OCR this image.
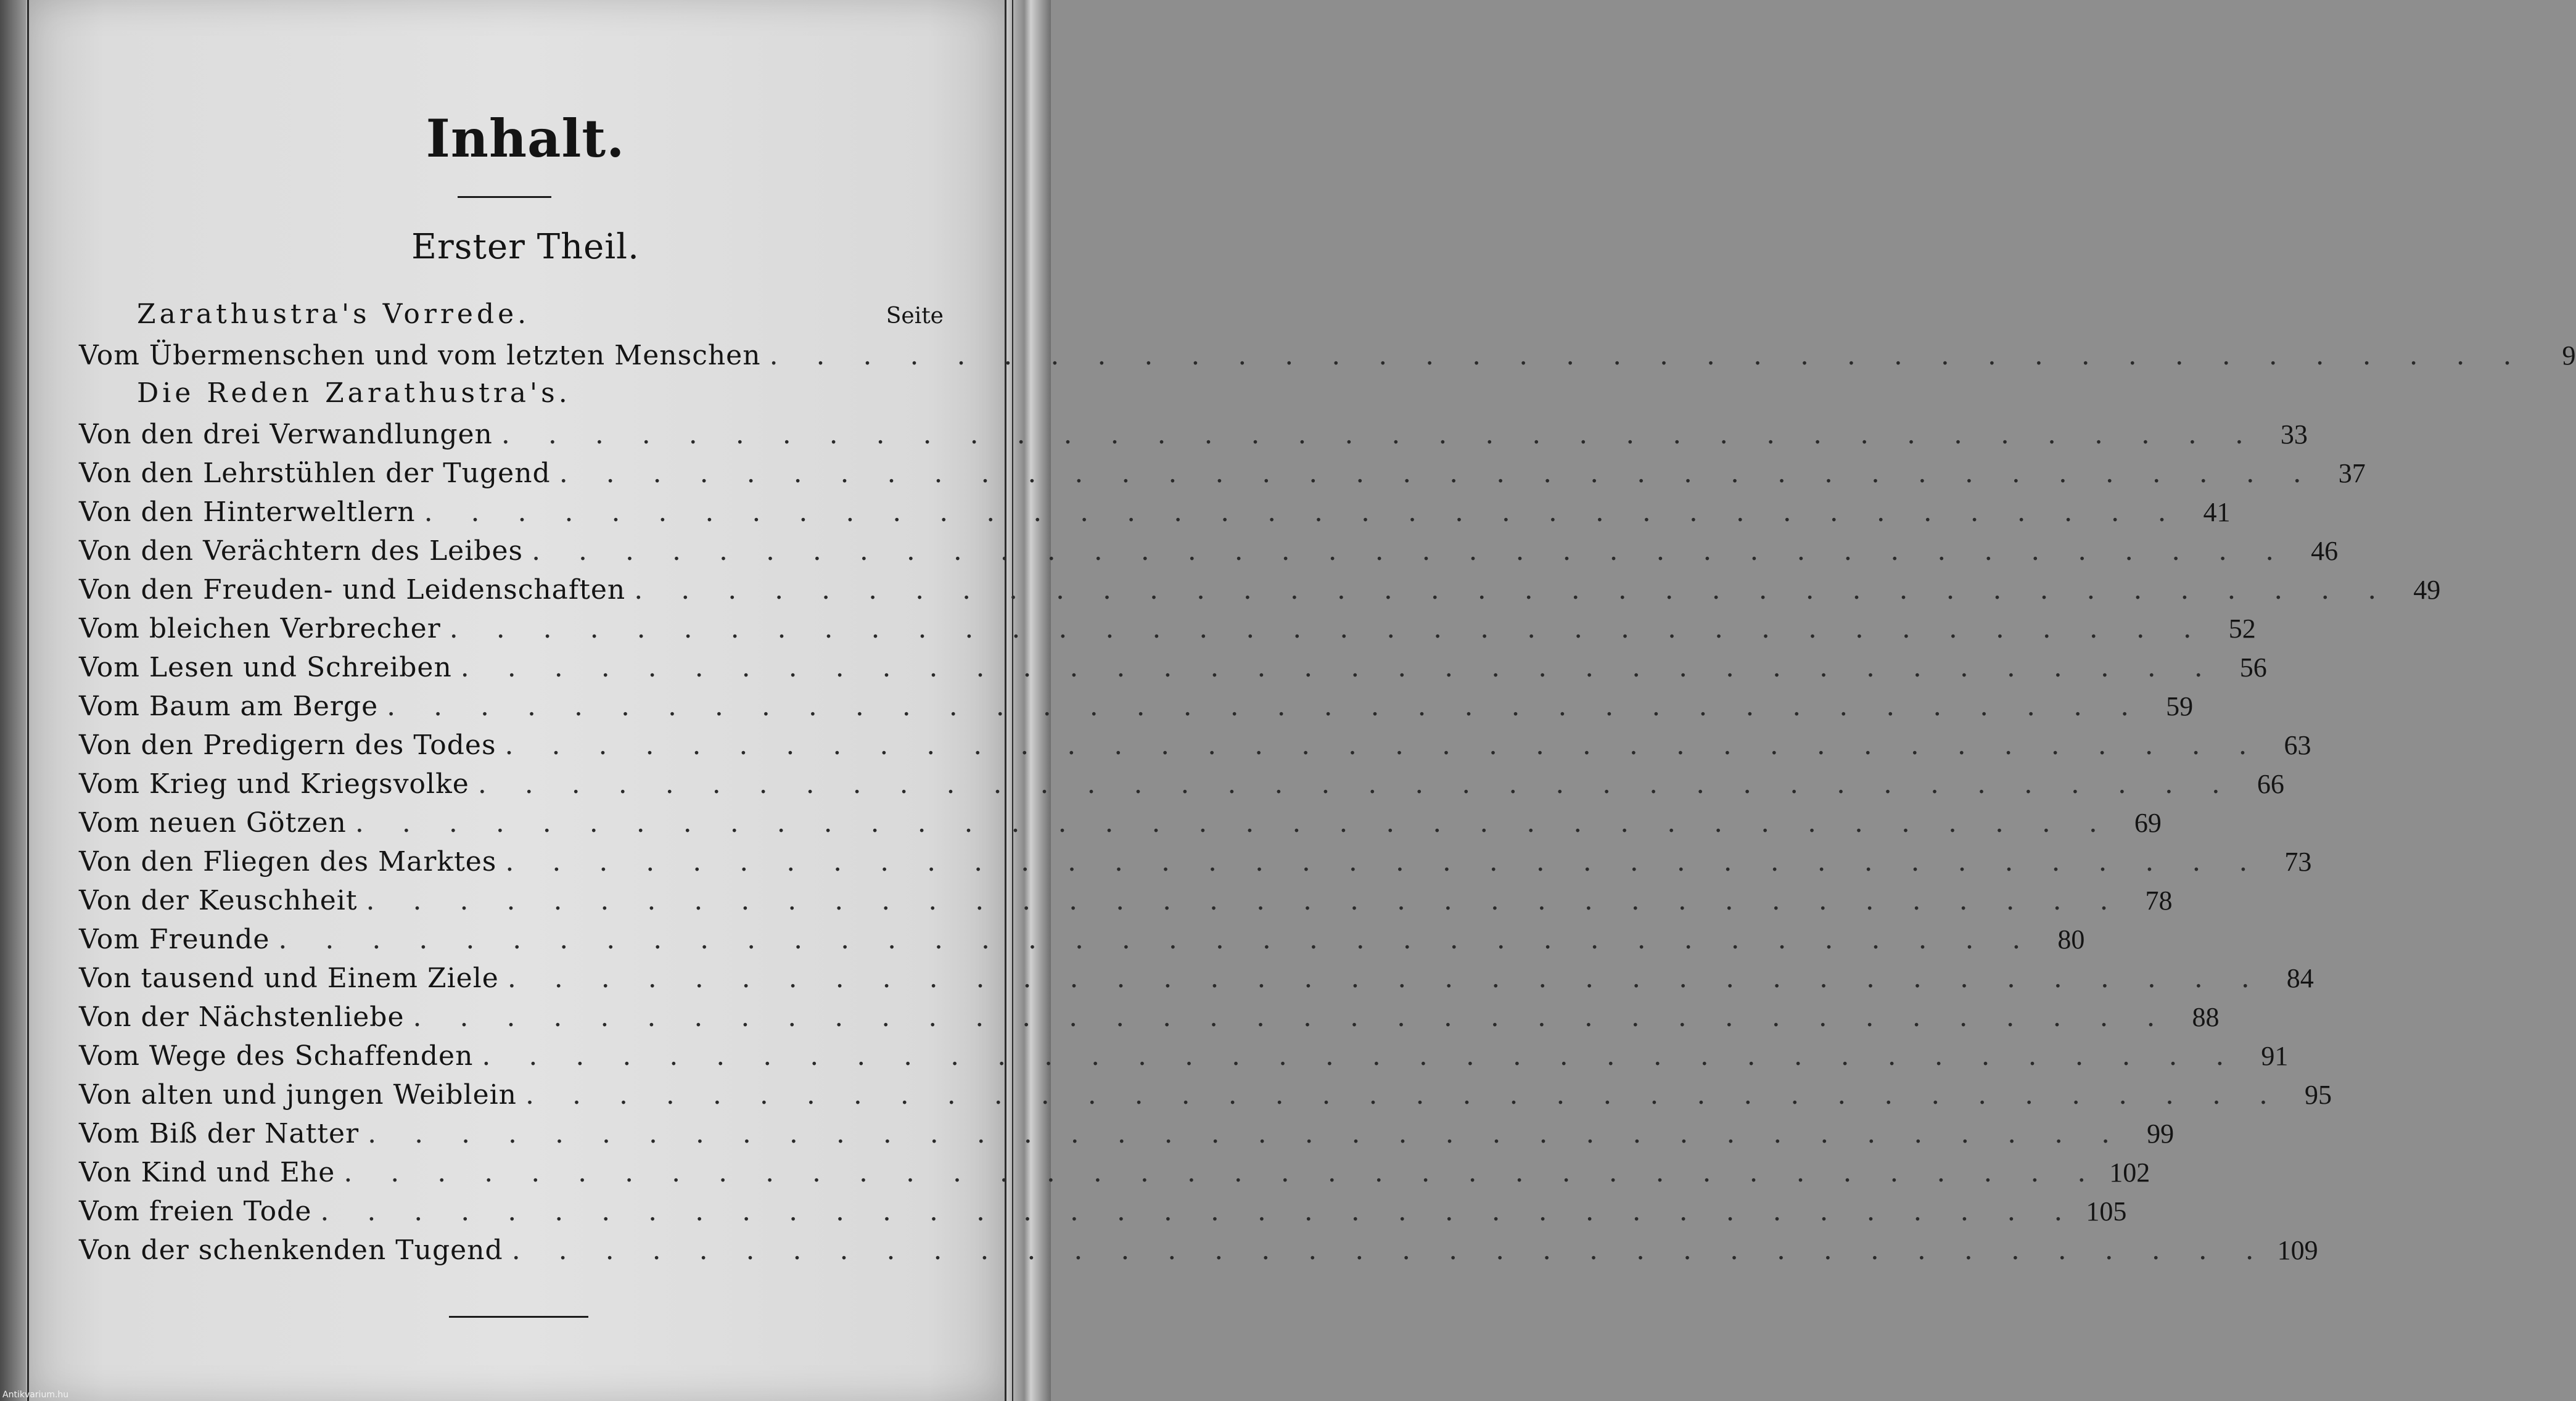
Inhalt.
Erster Theil.
Zarathustra's Vorrede.	Seite
Vom Übermenschen und vom letzten Menschen . . . . . . . . . . . . . . . . . . . . . . . . . . . . . . . . . . . . . .	9
Die Reden Zarathustra's.
Von den drei Verwandlungen . . . . . . . . . . . . . . . . . . . . . . . . . . . . . . . . . . . . . . 33
Von den Lehrstühlen der Tugend . . . . . . . . . . . . . . . . . . . . . . . . . . . . . . . . . . . . . . 37
Von den Hinterweltlern . . . . . . . . . . . . . . . . . . . . . . . . . . . . . . . . . . . . . . 41
Von den Verächtern des Leibes . . . . . . . . . . . . . . . . . . . . . . . . . . . . . . . . . . . . . . 46
Von den Freuden- und Leidenschaften . . . . . . . . . . . . . . . . . . . . . . . . . . . . . . . . . . . . . . 49
Vom bleichen Verbrecher . . . . . . . . . . . . . . . . . . . . . . . . . . . . . . . . . . . . . . 52
Vom Lesen und Schreiben . . . . . . . . . . . . . . . . . . . . . . . . . . . . . . . . . . . . . . 56
Vom Baum am Berge . . . . . . . . . . . . . . . . . . . . . . . . . . . . . . . . . . . . . . 59
Von den Predigern des Todes . . . . . . . . . . . . . . . . . . . . . . . . . . . . . . . . . . . . . . 63
Vom Krieg und Kriegsvolke . . . . . . . . . . . . . . . . . . . . . . . . . . . . . . . . . . . . . . 66
Vom neuen Götzen . . . . . . . . . . . . . . . . . . . . . . . . . . . . . . . . . . . . . . 69
Von den Fliegen des Marktes . . . . . . . . . . . . . . . . . . . . . . . . . . . . . . . . . . . . . . 73
Von der Keuschheit . . . . . . . . . . . . . . . . . . . . . . . . . . . . . . . . . . . . . . 78
Vom Freunde . . . . . . . . . . . . . . . . . . . . . . . . . . . . . . . . . . . . . . 80
Von tausend und Einem Ziele . . . . . . . . . . . . . . . . . . . . . . . . . . . . . . . . . . . . . . 84
Von der Nächstenliebe . . . . . . . . . . . . . . . . . . . . . . . . . . . . . . . . . . . . . . 88
Vom Wege des Schaffenden . . . . . . . . . . . . . . . . . . . . . . . . . . . . . . . . . . . . . . 91
Von alten und jungen Weiblein . . . . . . . . . . . . . . . . . . . . . . . . . . . . . . . . . . . . . . 95
Vom Biß der Natter . . . . . . . . . . . . . . . . . . . . . . . . . . . . . . . . . . . . . . 99
Von Kind und Ehe . . . . . . . . . . . . . . . . . . . . . . . . . . . . . . . . . . . . . . 102
Vom freien Tode . . . . . . . . . . . . . . . . . . . . . . . . . . . . . . . . . . . . . . 105
Von der schenkenden Tugend . . . . . . . . . . . . . . . . . . . . . . . . . . . . . . . . . . . . . . 109
Antikvarium.hu
